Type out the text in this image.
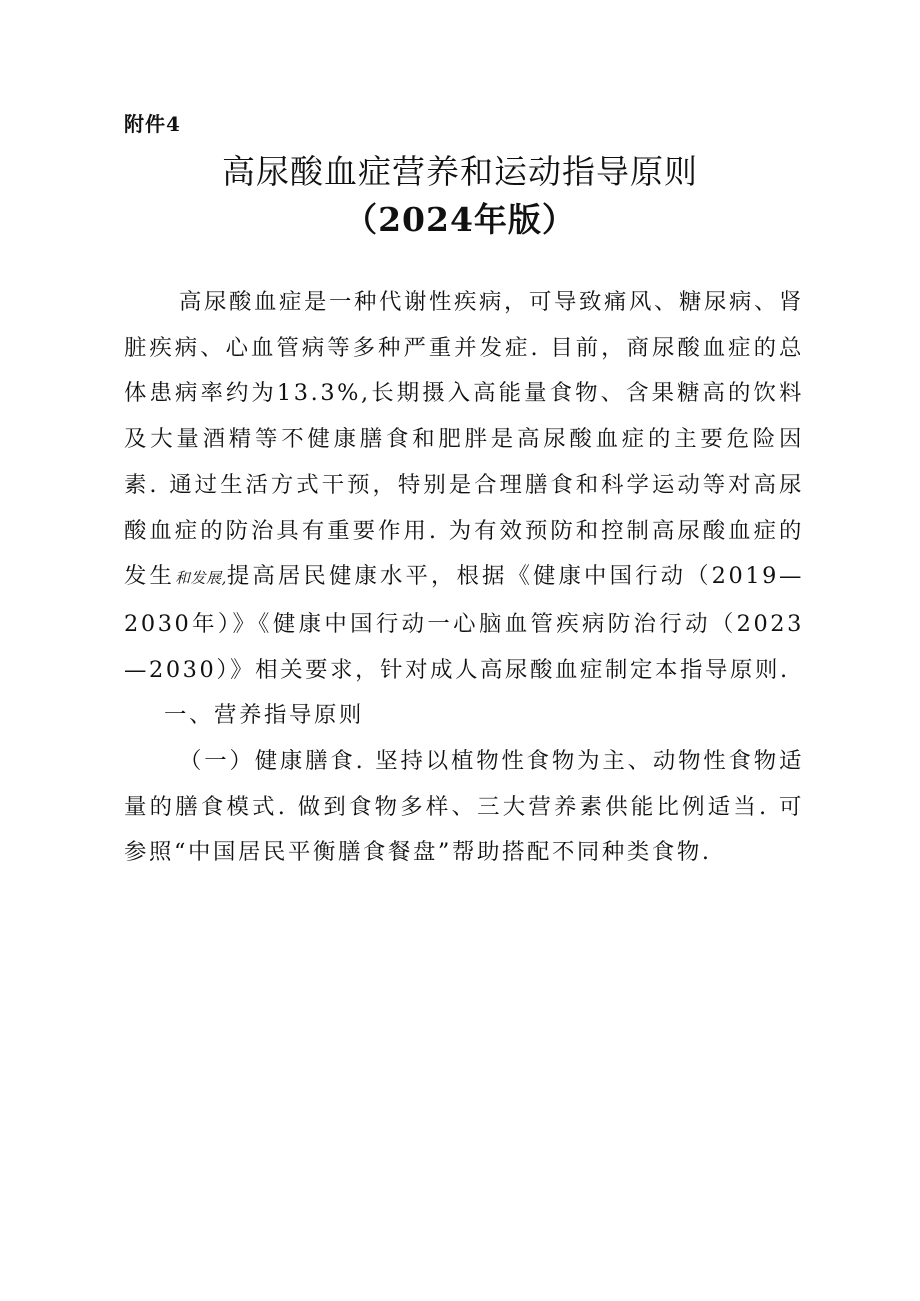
附件4
高尿酸血症营养和运动指导原则
（2024年版）

高尿酸血症是一种代谢性疾病，可导致痛风、糖尿病、肾脏疾病、心血管病等多种严重并发症. 目前，商尿酸血症的总体患病率约为13.3%,长期摄入高能量食物、含果糖高的饮料及大量酒精等不健康膳食和肥胖是高尿酸血症的主要危险因素. 通过生活方式干预，特别是合理膳食和科学运动等对高尿酸血症的防治具有重要作用. 为有效预防和控制高尿酸血症的发生和发展,提高居民健康水平，根据《健康中国行动（2019—2030年）》《健康中国行动一心脑血管疾病防治行动（2023—2030）》相关要求，针对成人高尿酸血症制定本指导原则.

一、营养指导原则

（一）健康膳食. 坚持以植物性食物为主、动物性食物适量的膳食模式. 做到食物多样、三大营养素供能比例适当. 可参照“中国居民平衡膳食餐盘”帮助搭配不同种类食物.
